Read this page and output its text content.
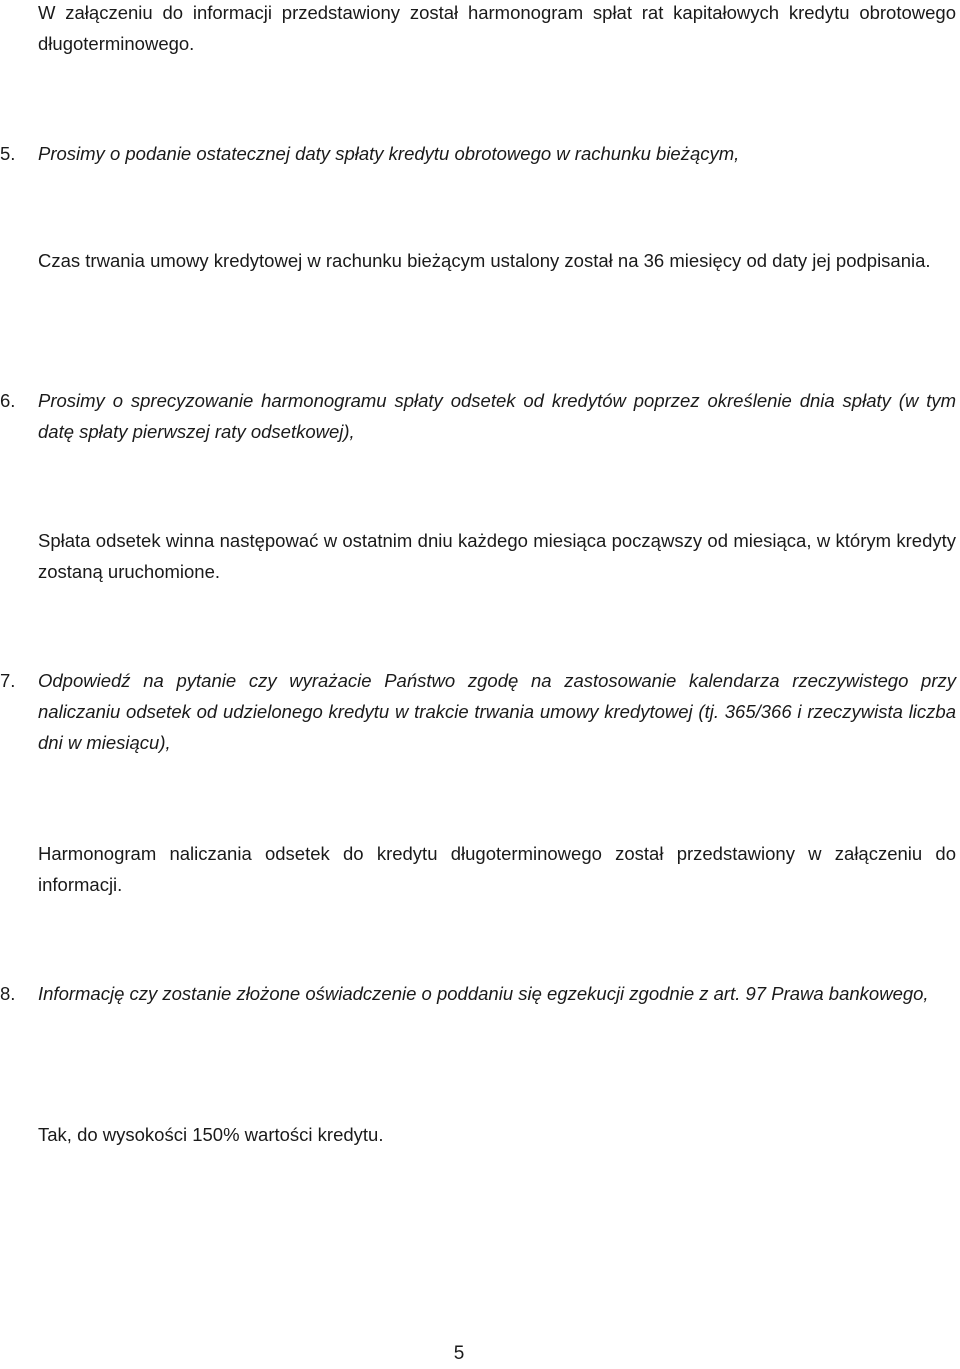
W załączeniu do informacji przedstawiony został harmonogram spłat rat kapitałowych kredytu obrotowego długoterminowego.

5. Prosimy o podanie ostatecznej daty spłaty kredytu obrotowego w rachunku bieżącym,

Czas trwania umowy kredytowej w rachunku bieżącym ustalony został na 36 miesięcy od daty jej podpisania.

6. Prosimy o sprecyzowanie harmonogramu spłaty odsetek od kredytów poprzez określenie dnia spłaty (w tym datę spłaty pierwszej raty odsetkowej),

Spłata odsetek winna następować w ostatnim dniu każdego miesiąca począwszy od miesiąca, w którym kredyty zostaną uruchomione.

7. Odpowiedź na pytanie czy wyrażacie Państwo zgodę na zastosowanie kalendarza rzeczywistego przy naliczaniu odsetek od udzielonego kredytu w trakcie trwania umowy kredytowej (tj. 365/366 i rzeczywista liczba dni w miesiącu),

Harmonogram naliczania odsetek do kredytu długoterminowego został przedstawiony w załączeniu do informacji.

8. Informację czy zostanie złożone oświadczenie o poddaniu się egzekucji zgodnie z art. 97 Prawa bankowego,

Tak, do wysokości 150% wartości kredytu.

5
